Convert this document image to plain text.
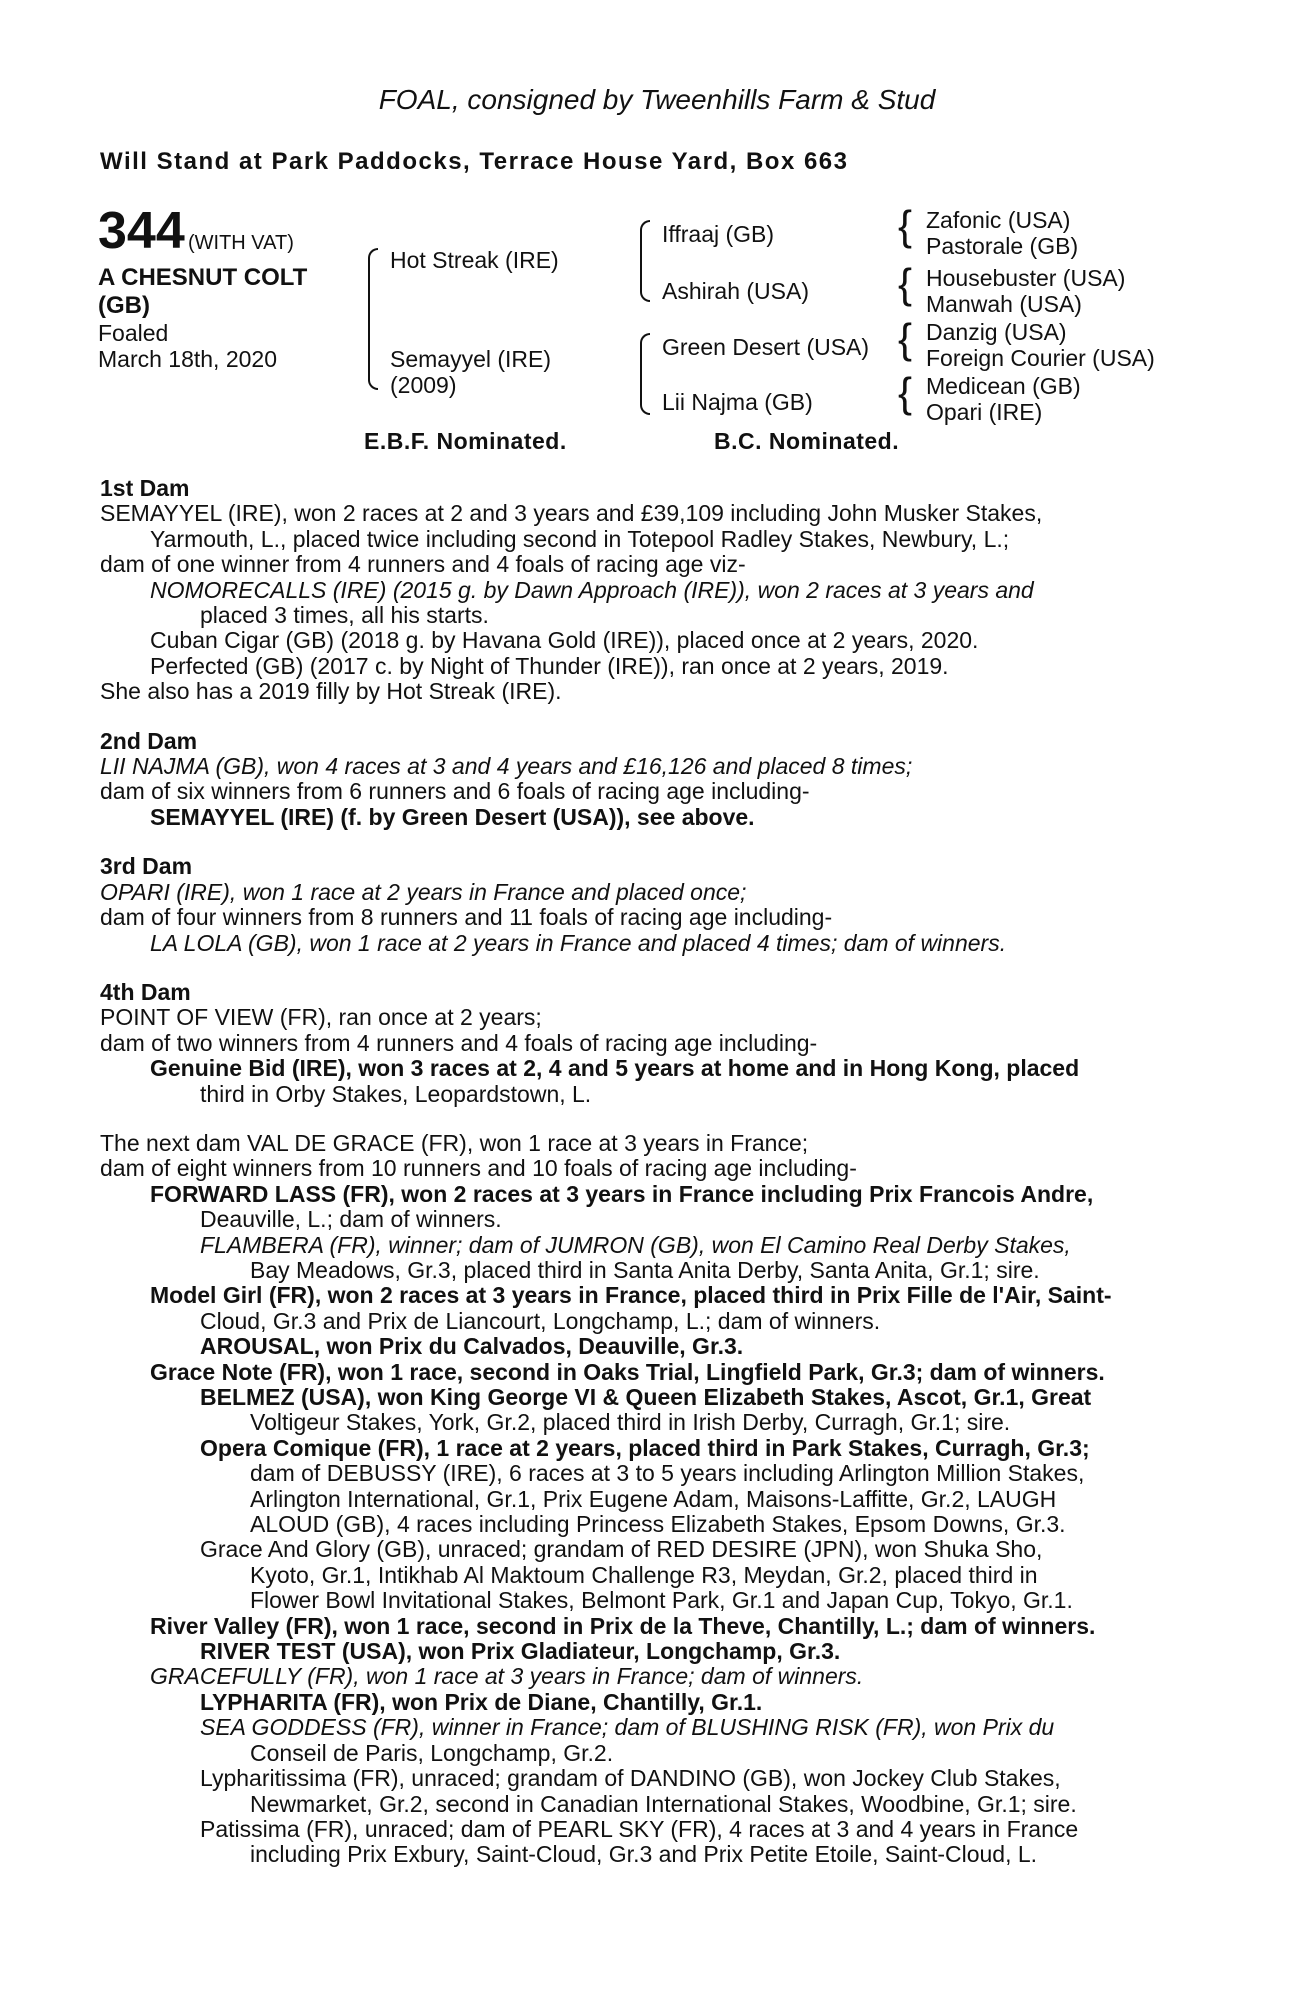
FOAL, consigned by Tweenhills Farm & Stud
Will Stand at Park Paddocks, Terrace House Yard, Box 663
344 (WITH VAT)
A CHESNUT COLT
(GB)
Foaled
March 18th, 2020
Hot Streak (IRE)
Semayyel (IRE)
(2009)
Iffraaj (GB)
Ashirah (USA)
Green Desert (USA)
Lii Najma (GB)
{ Zafonic (USA)
Pastorale (GB)
{ Housebuster (USA)
Manwah (USA)
{ Danzig (USA)
Foreign Courier (USA)
{ Medicean (GB)
Opari (IRE)
E.B.F. Nominated.	B.C. Nominated.
1st Dam
SEMAYYEL (IRE), won 2 races at 2 and 3 years and £39,109 including John Musker Stakes,
Yarmouth, L., placed twice including second in Totepool Radley Stakes, Newbury, L.;
dam of one winner from 4 runners and 4 foals of racing age viz-
NOMORECALLS (IRE) (2015 g. by Dawn Approach (IRE)), won 2 races at 3 years and
placed 3 times, all his starts.
Cuban Cigar (GB) (2018 g. by Havana Gold (IRE)), placed once at 2 years, 2020.
Perfected (GB) (2017 c. by Night of Thunder (IRE)), ran once at 2 years, 2019.
She also has a 2019 filly by Hot Streak (IRE).
2nd Dam
LII NAJMA (GB), won 4 races at 3 and 4 years and £16,126 and placed 8 times;
dam of six winners from 6 runners and 6 foals of racing age including-
SEMAYYEL (IRE) (f. by Green Desert (USA)), see above.
3rd Dam
OPARI (IRE), won 1 race at 2 years in France and placed once;
dam of four winners from 8 runners and 11 foals of racing age including-
LA LOLA (GB), won 1 race at 2 years in France and placed 4 times; dam of winners.
4th Dam
POINT OF VIEW (FR), ran once at 2 years;
dam of two winners from 4 runners and 4 foals of racing age including-
Genuine Bid (IRE), won 3 races at 2, 4 and 5 years at home and in Hong Kong, placed
third in Orby Stakes, Leopardstown, L.
The next dam VAL DE GRACE (FR), won 1 race at 3 years in France;
dam of eight winners from 10 runners and 10 foals of racing age including-
FORWARD LASS (FR), won 2 races at 3 years in France including Prix Francois Andre,
Deauville, L.; dam of winners.
FLAMBERA (FR), winner; dam of JUMRON (GB), won El Camino Real Derby Stakes,
Bay Meadows, Gr.3, placed third in Santa Anita Derby, Santa Anita, Gr.1; sire.
Model Girl (FR), won 2 races at 3 years in France, placed third in Prix Fille de l'Air, Saint-
Cloud, Gr.3 and Prix de Liancourt, Longchamp, L.; dam of winners.
AROUSAL, won Prix du Calvados, Deauville, Gr.3.
Grace Note (FR), won 1 race, second in Oaks Trial, Lingfield Park, Gr.3; dam of winners.
BELMEZ (USA), won King George VI & Queen Elizabeth Stakes, Ascot, Gr.1, Great
Voltigeur Stakes, York, Gr.2, placed third in Irish Derby, Curragh, Gr.1; sire.
Opera Comique (FR), 1 race at 2 years, placed third in Park Stakes, Curragh, Gr.3;
dam of DEBUSSY (IRE), 6 races at 3 to 5 years including Arlington Million Stakes,
Arlington International, Gr.1, Prix Eugene Adam, Maisons-Laffitte, Gr.2, LAUGH
ALOUD (GB), 4 races including Princess Elizabeth Stakes, Epsom Downs, Gr.3.
Grace And Glory (GB), unraced; grandam of RED DESIRE (JPN), won Shuka Sho,
Kyoto, Gr.1, Intikhab Al Maktoum Challenge R3, Meydan, Gr.2, placed third in
Flower Bowl Invitational Stakes, Belmont Park, Gr.1 and Japan Cup, Tokyo, Gr.1.
River Valley (FR), won 1 race, second in Prix de la Theve, Chantilly, L.; dam of winners.
RIVER TEST (USA), won Prix Gladiateur, Longchamp, Gr.3.
GRACEFULLY (FR), won 1 race at 3 years in France; dam of winners.
LYPHARITA (FR), won Prix de Diane, Chantilly, Gr.1.
SEA GODDESS (FR), winner in France; dam of BLUSHING RISK (FR), won Prix du
Conseil de Paris, Longchamp, Gr.2.
Lypharitissima (FR), unraced; grandam of DANDINO (GB), won Jockey Club Stakes,
Newmarket, Gr.2, second in Canadian International Stakes, Woodbine, Gr.1; sire.
Patissima (FR), unraced; dam of PEARL SKY (FR), 4 races at 3 and 4 years in France
including Prix Exbury, Saint-Cloud, Gr.3 and Prix Petite Etoile, Saint-Cloud, L.
